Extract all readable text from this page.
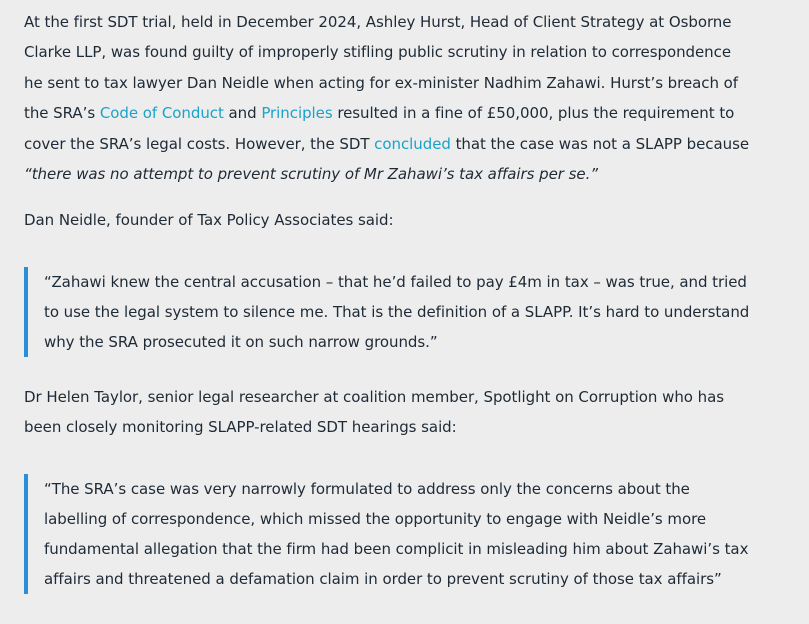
At the first SDT trial, held in December 2024, Ashley Hurst, Head of Client Strategy at Osborne Clarke LLP, was found guilty of improperly stifling public scrutiny in relation to correspondence he sent to tax lawyer Dan Neidle when acting for ex-minister Nadhim Zahawi. Hurst’s breach of the SRA’s Code of Conduct and Principles resulted in a fine of £50,000, plus the requirement to cover the SRA’s legal costs. However, the SDT concluded that the case was not a SLAPP because “there was no attempt to prevent scrutiny of Mr Zahawi’s tax affairs per se.”

Dan Neidle, founder of Tax Policy Associates said:

“Zahawi knew the central accusation – that he’d failed to pay £4m in tax – was true, and tried to use the legal system to silence me. That is the definition of a SLAPP. It’s hard to understand why the SRA prosecuted it on such narrow grounds.”

Dr Helen Taylor, senior legal researcher at coalition member, Spotlight on Corruption who has been closely monitoring SLAPP-related SDT hearings said:

“The SRA’s case was very narrowly formulated to address only the concerns about the labelling of correspondence, which missed the opportunity to engage with Neidle’s more fundamental allegation that the firm had been complicit in misleading him about Zahawi’s tax affairs and threatened a defamation claim in order to prevent scrutiny of those tax affairs”
